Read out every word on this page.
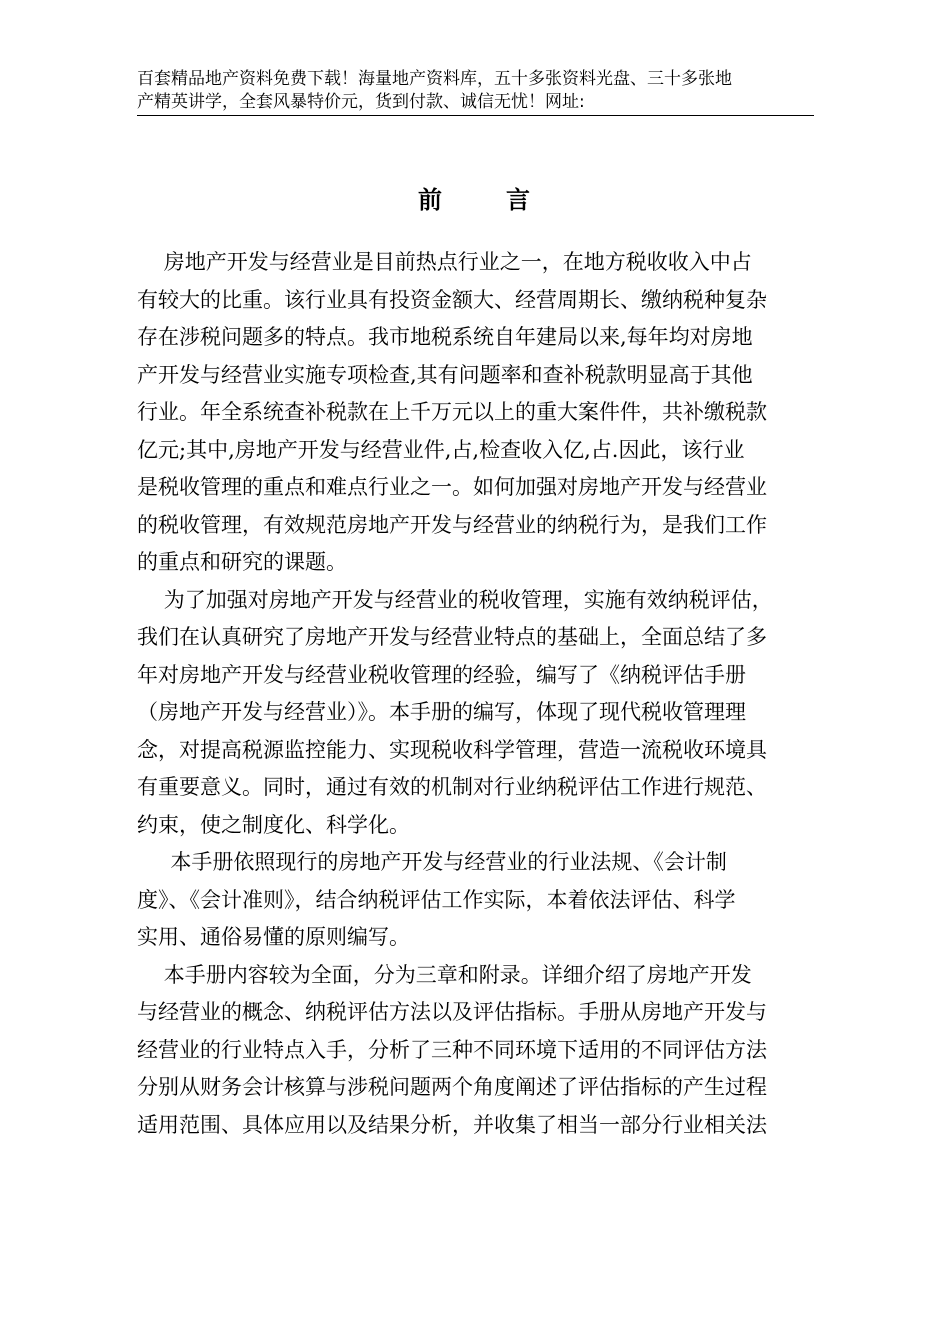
百套精品地产资料免费下载！海量地产资料库，五十多张资料光盘、三十多张地
产精英讲学，全套风暴特价元，货到付款、诚信无忧！网址:
前	言
房地产开发与经营业是目前热点行业之一，在地方税收收入中占
有较大的比重。该行业具有投资金额大、经营周期长、缴纳税种复杂
存在涉税问题多的特点。我市地税系统自年建局以来,每年均对房地
产开发与经营业实施专项检查,其有问题率和查补税款明显高于其他
行业。年全系统查补税款在上千万元以上的重大案件件，共补缴税款
亿元;其中,房地产开发与经营业件,占,检查收入亿,占.因此，该行业
是税收管理的重点和难点行业之一。如何加强对房地产开发与经营业
的税收管理，有效规范房地产开发与经营业的纳税行为，是我们工作
的重点和研究的课题。
为了加强对房地产开发与经营业的税收管理，实施有效纳税评估，
我们在认真研究了房地产开发与经营业特点的基础上，全面总结了多
年对房地产开发与经营业税收管理的经验，编写了《纳税评估手册
（房地产开发与经营业）》。本手册的编写，体现了现代税收管理理
念，对提高税源监控能力、实现税收科学管理，营造一流税收环境具
有重要意义。同时，通过有效的机制对行业纳税评估工作进行规范、
约束，使之制度化、科学化。
本手册依照现行的房地产开发与经营业的行业法规、《会计制
度》、《会计准则》，结合纳税评估工作实际，本着依法评估、科学
实用、通俗易懂的原则编写。
本手册内容较为全面，分为三章和附录。详细介绍了房地产开发
与经营业的概念、纳税评估方法以及评估指标。手册从房地产开发与
经营业的行业特点入手，分析了三种不同环境下适用的不同评估方法
分别从财务会计核算与涉税问题两个角度阐述了评估指标的产生过程
适用范围、具体应用以及结果分析，并收集了相当一部分行业相关法
